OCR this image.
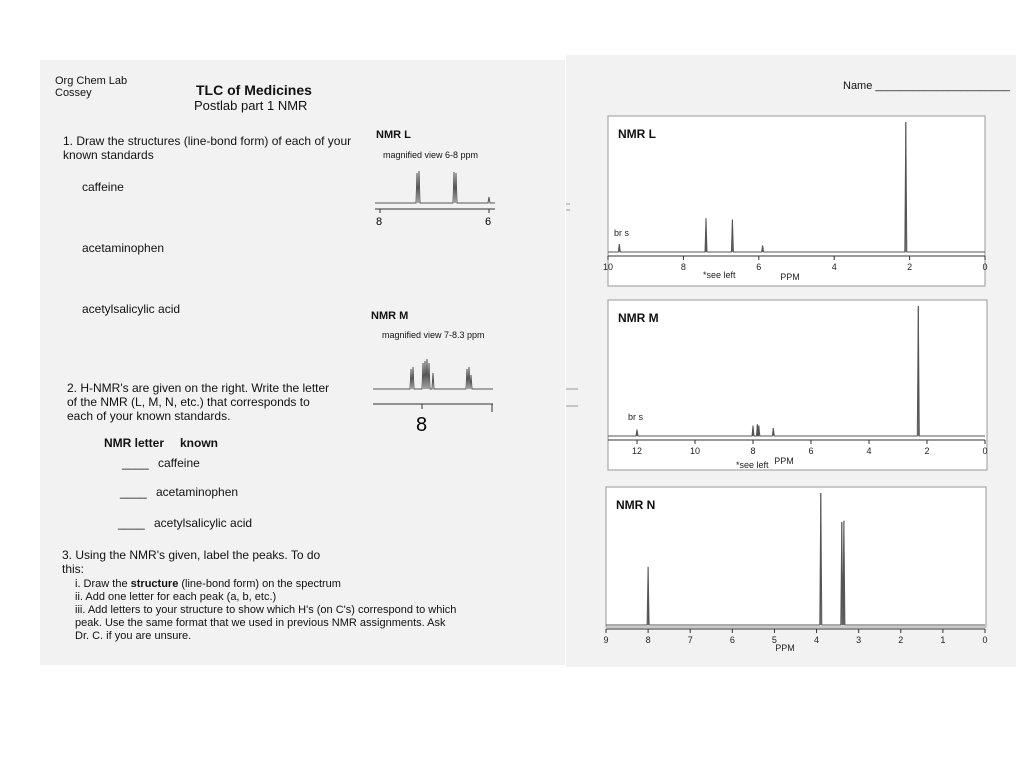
Org Chem Lab
Cossey	TLC of Medicines
Postlab part 1 NMR
Name ______________________
1. Draw the structures (line-bond form) of each of your known standards
caffeine
acetaminophen
acetylsalicylic acid
2. H-NMR's are given on the right. Write the letter of the NMR (L, M, N, etc.) that corresponds to each of your known standards.
NMR letter known
____ caffeine
____ acetaminophen
____ acetylsalicylic acid
3. Using the NMR's given, label the peaks. To do this:
i. Draw the structure (line-bond form) on the spectrum
ii. Add one letter for each peak (a, b, etc.)
iii. Add letters to your structure to show which H's (on C's) correspond to which peak. Use the same format that we used in previous NMR assignments. Ask Dr. C. if you are unsure.
NMR L
magnified view 6-8 ppm
8	6
NMR M
magnified view 7-8.3 ppm
8
10	8	6	4	2	0
NMR L
PPM
br s
*see left
12	10	8	6	4	2	0
NMR M
PPM
br s
*see left
9	8	7	6	5	4	3	2	1	0
NMR N
PPM
